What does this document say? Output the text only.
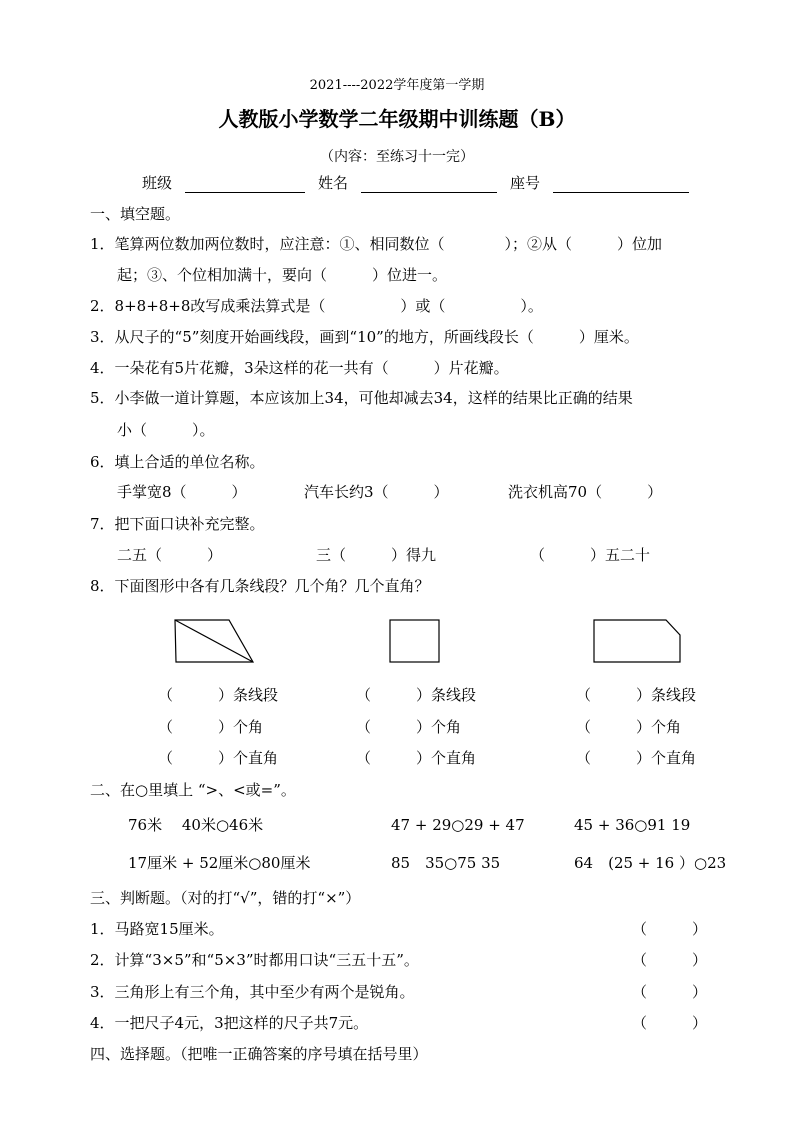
2021----2022学年度第一学期
人教版小学数学二年级期中训练题（B）
（内容：至练习十一完）
班级	姓名	座号
一、填空题。
1．笔算两位数加两位数时，应注意：①、相同数位（　　　　）；②从（　　　）位加
起；③、个位相加满十，要向（　　　）位进一。
2．8+8+8+8改写成乘法算式是（　　　　　）或（　　　　　）。
3．从尺子的“5”刻度开始画线段，画到“10”的地方，所画线段长（　　　）厘米。
4．一朵花有5片花瓣，3朵这样的花一共有（　　　）片花瓣。
5．小李做一道计算题，本应该加上34，可他却减去34，这样的结果比正确的结果
小（　　　）。
6．填上合适的单位名称。
手掌宽8（　　　）	汽车长约3（　　　）	洗衣机高70（　　　）
7．把下面口诀补充完整。
二五（　　　）	三（　　　）得九	（　　　）五二十
8．下面图形中各有几条线段？几个角？几个直角？
（　　　）条线段
（　　　）个角
（　　　）个直角
（　　　）条线段
（　　　）个角
（　　　）个直角
（　　　）条线段
（　　　）个角
（　　　）个直角
二、在○里填上 “>、<或=”。
76米　 40米○46米	47 + 29○29 + 47	45 + 36○91 19
17厘米 + 52厘米○80厘米	85　35○75 35	64　(25 + 16 ）○23
三、判断题。（对的打“√”，错的打“×”）
1．马路宽15厘米。	（　　　）
2．计算“3×5”和“5×3”时都用口诀“三五十五”。	（　　　）
3．三角形上有三个角，其中至少有两个是锐角。	（　　　）
4．一把尺子4元，3把这样的尺子共7元。	（　　　）
四、选择题。（把唯一正确答案的序号填在括号里）
